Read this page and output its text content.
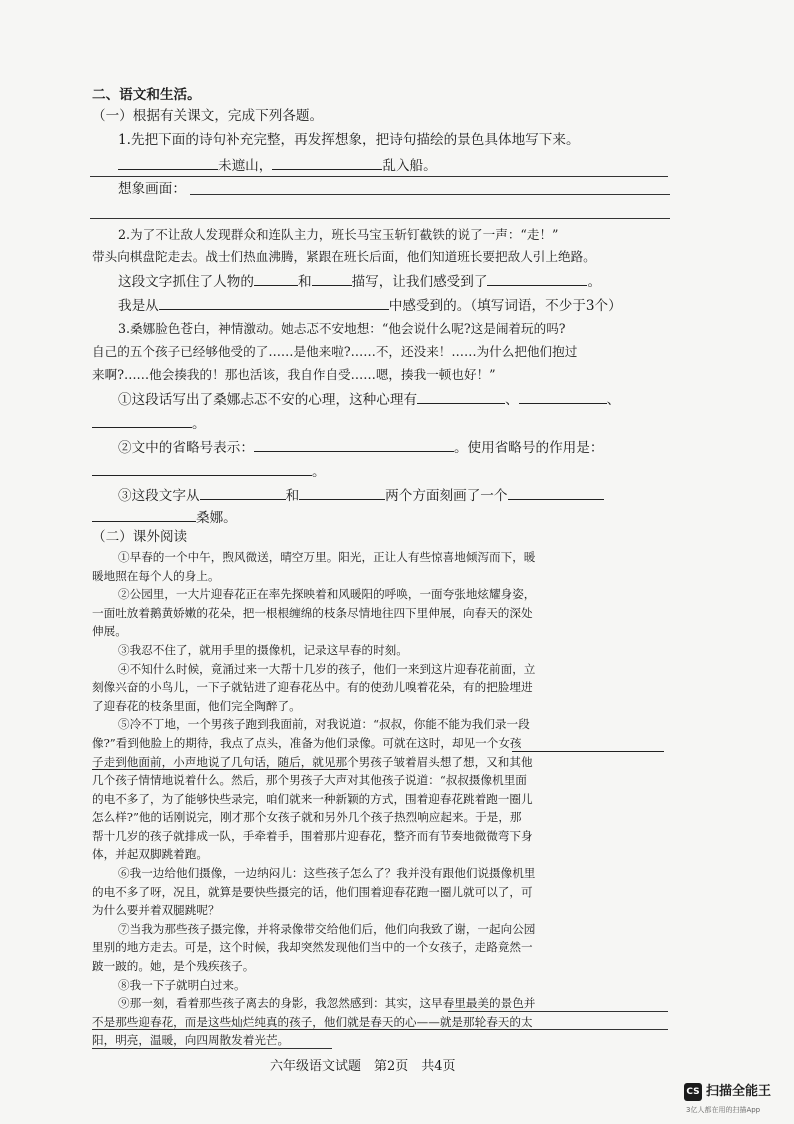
二、语文和生活。
（一）根据有关课文，完成下列各题。
1.先把下面的诗句补充完整，再发挥想象，把诗句描绘的景色具体地写下来。
未遮山，	乱入船。
想象画面：
2.为了不让敌人发现群众和连队主力，班长马宝玉斩钉截铁的说了一声：“走！”
带头向棋盘陀走去。战士们热血沸腾，紧跟在班长后面，他们知道班长要把敌人引上绝路。
这段文字抓住了人物的	和	描写，让我们感受到了	。
我是从	中感受到的。（填写词语，不少于3个）
3.桑娜脸色苍白，神情激动。她忐忑不安地想：“他会说什么呢?这是闹着玩的吗?
自己的五个孩子已经够他受的了……是他来啦?……不，还没来！……为什么把他们抱过
来啊?……他会揍我的！那也活该，我自作自受……嗯，揍我一顿也好！”
①这段话写出了桑娜忐忑不安的心理，这种心理有	、	、
。
②文中的省略号表示：	。使用省略号的作用是：
。
③这段文字从	和	两个方面刻画了一个
桑娜。
（二）课外阅读
①早春的一个中午，煦风微送，晴空万里。阳光，正让人有些惊喜地倾泻而下，暖
暖地照在每个人的身上。
②公园里，一大片迎春花正在率先探映着和风暖阳的呼唤，一面夸张地炫耀身姿，
一面吐放着鹅黄娇嫩的花朵，把一根根缠绵的枝条尽情地往四下里伸展，向春天的深处
伸展。
③我忍不住了，就用手里的摄像机，记录这早春的时刻。
④不知什么时候，竟涌过来一大帮十几岁的孩子，他们一来到这片迎春花前面，立
刻像兴奋的小鸟儿，一下子就钻进了迎春花丛中。有的使劲儿嗅着花朵，有的把脸埋进
了迎春花的枝条里面，他们完全陶醉了。
⑤冷不丁地，一个男孩子跑到我面前，对我说道：“叔叔，你能不能为我们录一段
像?”看到他脸上的期待，我点了点头，准备为他们录像。可就在这时，却见一个女孩
子走到他面前，小声地说了几句话，随后，就见那个男孩子皱着眉头想了想，又和其他
几个孩子情情地说着什么。然后，那个男孩子大声对其他孩子说道：“叔叔摄像机里面
的电不多了，为了能够快些录完，咱们就来一种新颖的方式，围着迎春花跳着跑一圈儿
怎么样?”他的话刚说完，刚才那个女孩子就和另外几个孩子热烈响应起来。于是，那
帮十几岁的孩子就排成一队，手牵着手，围着那片迎春花，整齐而有节奏地微微弯下身
体，并起双脚跳着跑。
⑥我一边给他们摄像，一边纳闷儿：这些孩子怎么了？我并没有跟他们说摄像机里
的电不多了呀，况且，就算是要快些摄完的话，他们围着迎春花跑一圈儿就可以了，可
为什么要并着双腿跳呢？
⑦当我为那些孩子摄完像，并将录像带交给他们后，他们向我致了谢，一起向公园
里别的地方走去。可是，这个时候，我却突然发现他们当中的一个女孩子，走路竟然一
跛一跛的。她，是个残疾孩子。
⑧我一下子就明白过来。
⑨那一刻，看着那些孩子离去的身影，我忽然感到：其实，这早春里最美的景色并
不是那些迎春花，而是这些灿烂纯真的孩子，他们就是春天的心——就是那轮春天的太
阳，明亮，温暖，向四周散发着光芒。
六年级语文试题　第2页　共4页
CS 扫描全能王
3亿人都在用的扫描App
